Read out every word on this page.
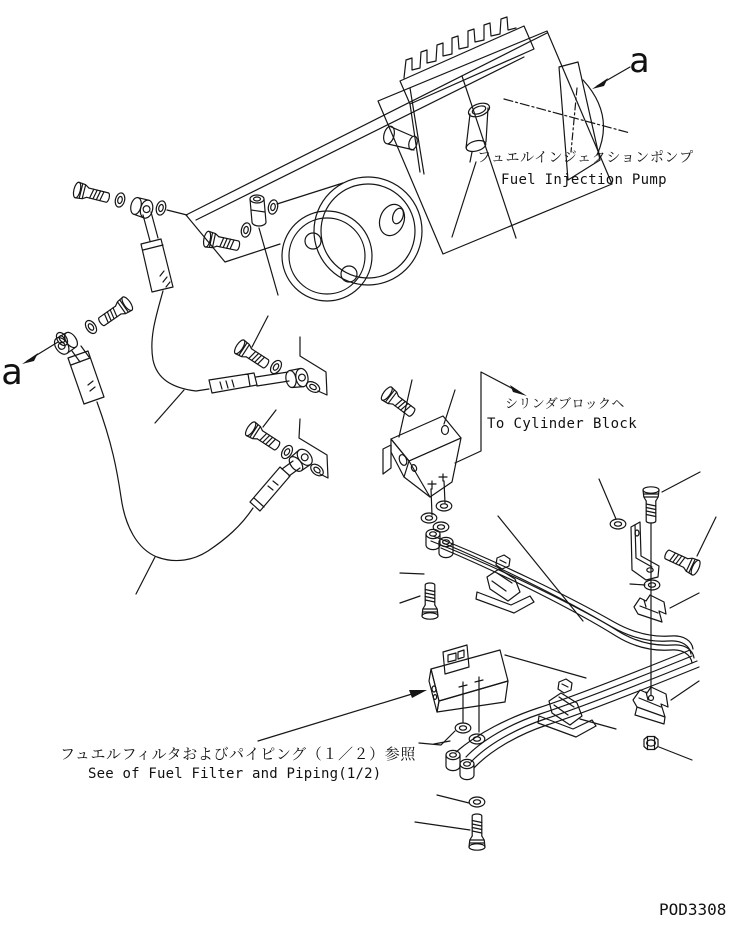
a
a
フュエルインジェクションポンプ
Fuel Injection Pump
シリンダブロックヘ
To Cylinder Block
フュエルフィルタおよびパイピング（１／２）参照
See of Fuel Filter and Piping(1/2)
POD3308
